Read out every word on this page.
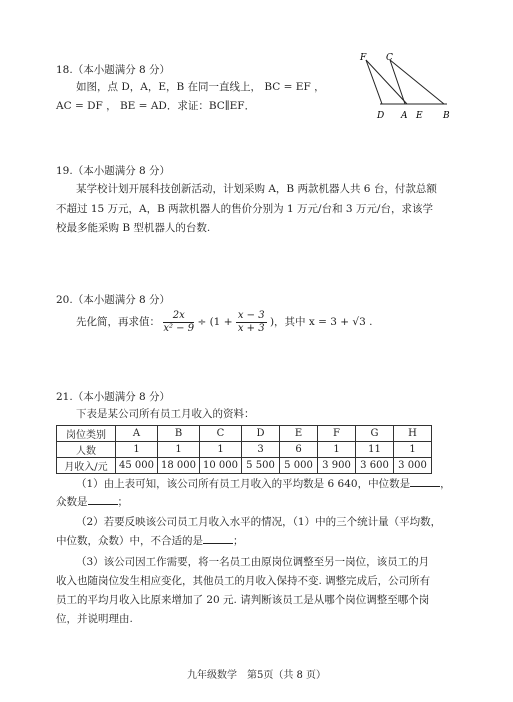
18.（本小题满分 8 分）
如图，点 D，A，E，B 在同一直线上， BC = EF ，
AC = DF ， BE = AD．求证：BC∥EF．
F C
D A E B
19.（本小题满分 8 分）
某学校计划开展科技创新活动，计划采购 A，B 两款机器人共 6 台，付款总额
不超过 15 万元，A，B 两款机器人的售价分别为 1 万元/台和 3 万元/台，求该学
校最多能采购 B 型机器人的台数.
20.（本小题满分 8 分）
先化简，再求值： $\frac{2x}{\text{x² − 9}} \div (1 + \frac{x - 3}{x + 3}$ )，其中 x = 3 + √3 .
21.（本小题满分 8 分）
下表是某公司所有员工月收入的资料：
岗位类别	A	B	C	D	E	F	G	H
人数	1	1	1	3	6	1	11	1
月收入/元	45 000	18 000	10 000	5 500	5 000	3 900	3 600	3 000
（1）由上表可知，该公司所有员工月收入的平均数是 6 640，中位数是	，
众数是	；
（2）若要反映该公司员工月收入水平的情况，（1）中的三个统计量（平均数，
中位数，众数）中，不合适的是	；
（3）该公司因工作需要，将一名员工由原岗位调整至另一岗位，该员工的月
收入也随岗位发生相应变化，其他员工的月收入保持不变. 调整完成后，公司所有
员工的平均月收入比原来增加了 20 元. 请判断该员工是从哪个岗位调整至哪个岗
位，并说明理由.
九年级数学　第5页（共 8 页）
